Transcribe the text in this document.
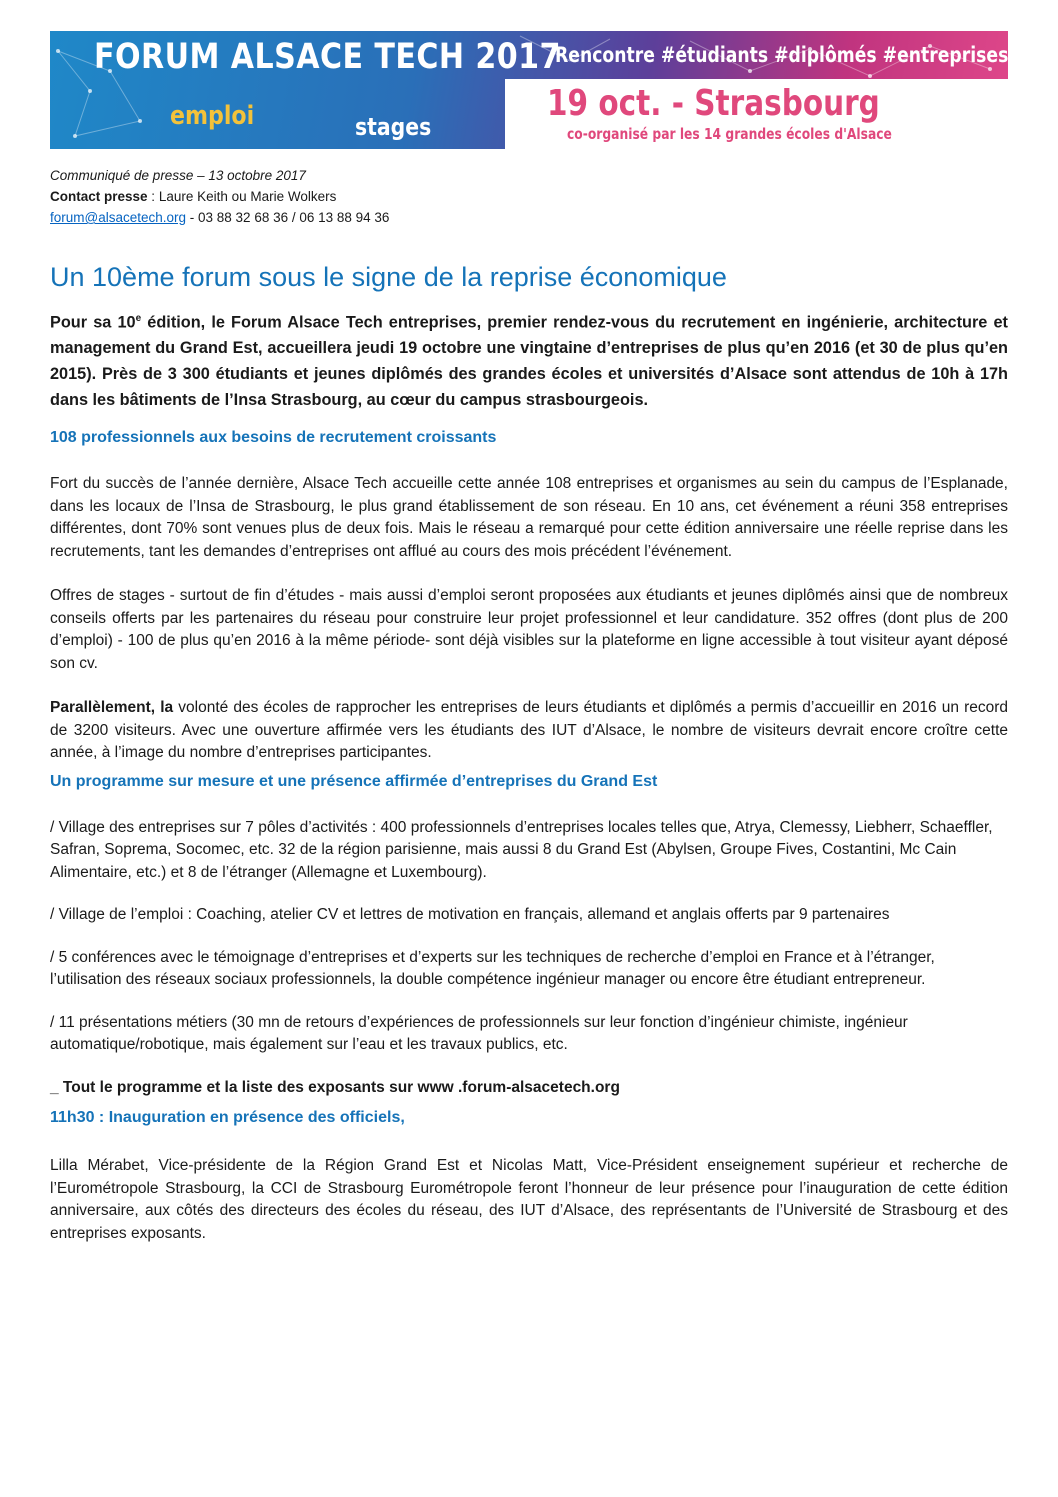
FORUM ALSACE TECH 2017
Rencontre #étudiants #diplômés #entreprises
emploi	stages
19 oct. - Strasbourg
co-organisé par les 14 grandes écoles d'Alsace
Communiqué de presse – 13 octobre 2017
Contact presse : Laure Keith ou Marie Wolkers
forum@alsacetech.org - 03 88 32 68 36 / 06 13 88 94 36
Un 10ème forum sous le signe de la reprise économique

Pour sa 10e édition, le Forum Alsace Tech entreprises, premier rendez-vous du recrutement en ingénierie, architecture et management du Grand Est, accueillera jeudi 19 octobre une vingtaine d’entreprises de plus qu’en 2016 (et 30 de plus qu’en 2015). Près de 3 300 étudiants et jeunes diplômés des grandes écoles et universités d’Alsace sont attendus de 10h à 17h dans les bâtiments de l’Insa Strasbourg, au cœur du campus strasbourgeois.

108 professionnels aux besoins de recrutement croissants

Fort du succès de l’année dernière, Alsace Tech accueille cette année 108 entreprises et organismes au sein du campus de l’Esplanade, dans les locaux de l’Insa de Strasbourg, le plus grand établissement de son réseau. En 10 ans, cet événement a réuni 358 entreprises différentes, dont 70% sont venues plus de deux fois. Mais le réseau a remarqué pour cette édition anniversaire une réelle reprise dans les recrutements, tant les demandes d’entreprises ont afflué au cours des mois précédent l’événement.

Offres de stages - surtout de fin d’études - mais aussi d’emploi seront proposées aux étudiants et jeunes diplômés ainsi que de nombreux conseils offerts par les partenaires du réseau pour construire leur projet professionnel et leur candidature. 352 offres (dont plus de 200 d’emploi) - 100 de plus qu’en 2016 à la même période- sont déjà visibles sur la plateforme en ligne accessible à tout visiteur ayant déposé son cv.

Parallèlement, la volonté des écoles de rapprocher les entreprises de leurs étudiants et diplômés a permis d’accueillir en 2016 un record de 3200 visiteurs. Avec une ouverture affirmée vers les étudiants des IUT d’Alsace, le nombre de visiteurs devrait encore croître cette année, à l’image du nombre d’entreprises participantes.

Un programme sur mesure et une présence affirmée d’entreprises du Grand Est

/ Village des entreprises sur 7 pôles d’activités : 400 professionnels d’entreprises locales telles que, Atrya, Clemessy, Liebherr, Schaeffler, Safran, Soprema, Socomec, etc. 32 de la région parisienne, mais aussi 8 du Grand Est (Abylsen, Groupe Fives, Costantini, Mc Cain Alimentaire, etc.) et 8 de l’étranger (Allemagne et Luxembourg).

/ Village de l’emploi : Coaching, atelier CV et lettres de motivation en français, allemand et anglais offerts par 9 partenaires

/ 5 conférences avec le témoignage d’entreprises et d’experts sur les techniques de recherche d’emploi en France et à l’étranger, l’utilisation des réseaux sociaux professionnels, la double compétence ingénieur manager ou encore être étudiant entrepreneur.

/ 11 présentations métiers (30 mn de retours d’expériences de professionnels sur leur fonction d’ingénieur chimiste, ingénieur automatique/robotique, mais également sur l’eau et les travaux publics, etc.

_ Tout le programme et la liste des exposants sur www .forum-alsacetech.org

11h30 : Inauguration en présence des officiels,

Lilla Mérabet, Vice-présidente de la Région Grand Est et Nicolas Matt, Vice-Président enseignement supérieur et recherche de l’Eurométropole Strasbourg, la CCI de Strasbourg Eurométropole feront l’honneur de leur présence pour l’inauguration de cette édition anniversaire, aux côtés des directeurs des écoles du réseau, des IUT d’Alsace, des représentants de l’Université de Strasbourg et des entreprises exposants.
